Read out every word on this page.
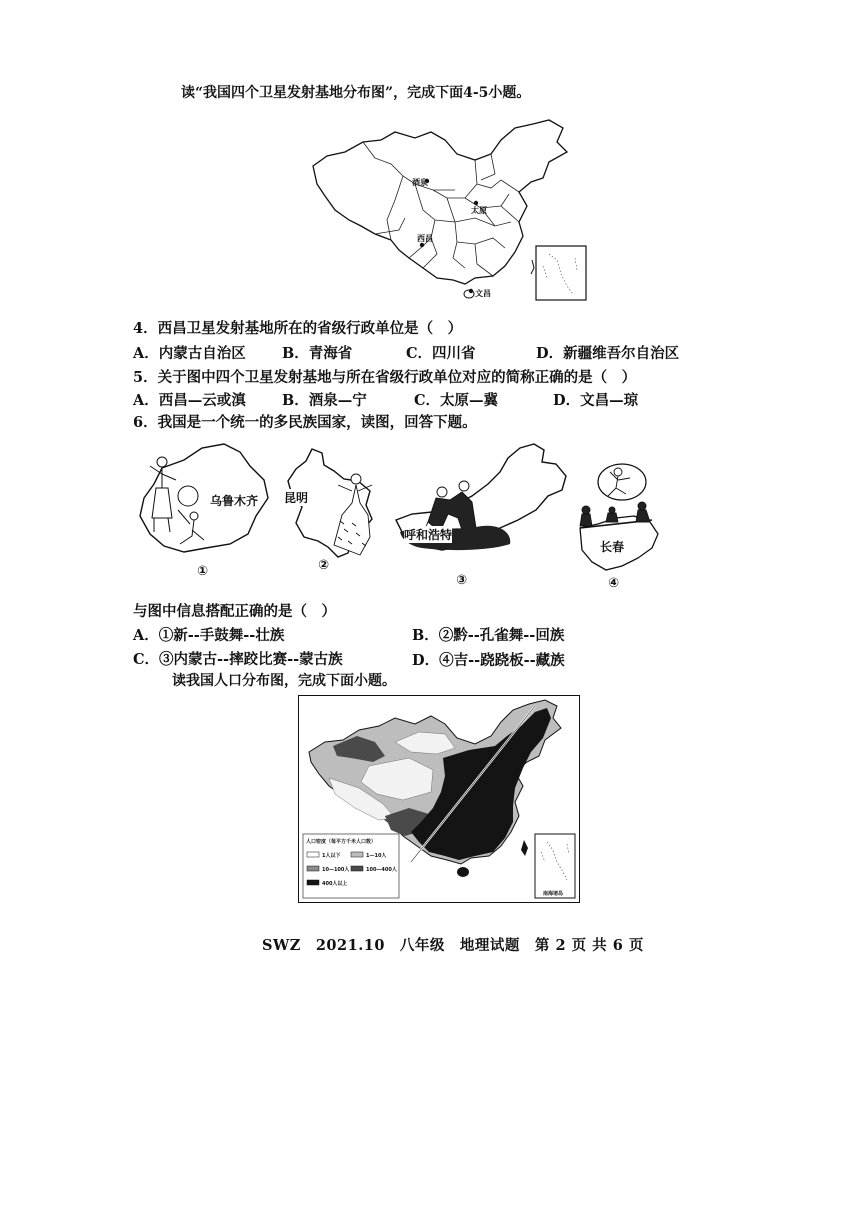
读“我国四个卫星发射基地分布图”，完成下面4-5小题。
酒泉
太原
西昌
文昌
4．西昌卫星发射基地所在的省级行政单位是（　）
A．内蒙古自治区	B．青海省	C．四川省	D．新疆维吾尔自治区
5．关于图中四个卫星发射基地与所在省级行政单位对应的简称正确的是（　）
A．西昌—云或滇	B．酒泉—宁	C．太原—冀	D．文昌—琼
6．我国是一个统一的多民族国家，读图，回答下题。
乌鲁木齐
①
昆明
②
呼和浩特
③
长春
④
与图中信息搭配正确的是（　）
A．①新--手鼓舞--壮族	B．②黔--孔雀舞--回族
C．③内蒙古--摔跤比赛--蒙古族	D．④吉--跷跷板--藏族
读我国人口分布图，完成下面小题。
人口密度（每平方千米人口数）
1人以下	1—10人
10—100人	100—400人
400人以上
南海诸岛
SWZ　2021.10　八年级　地理试题　第 2 页 共 6 页
